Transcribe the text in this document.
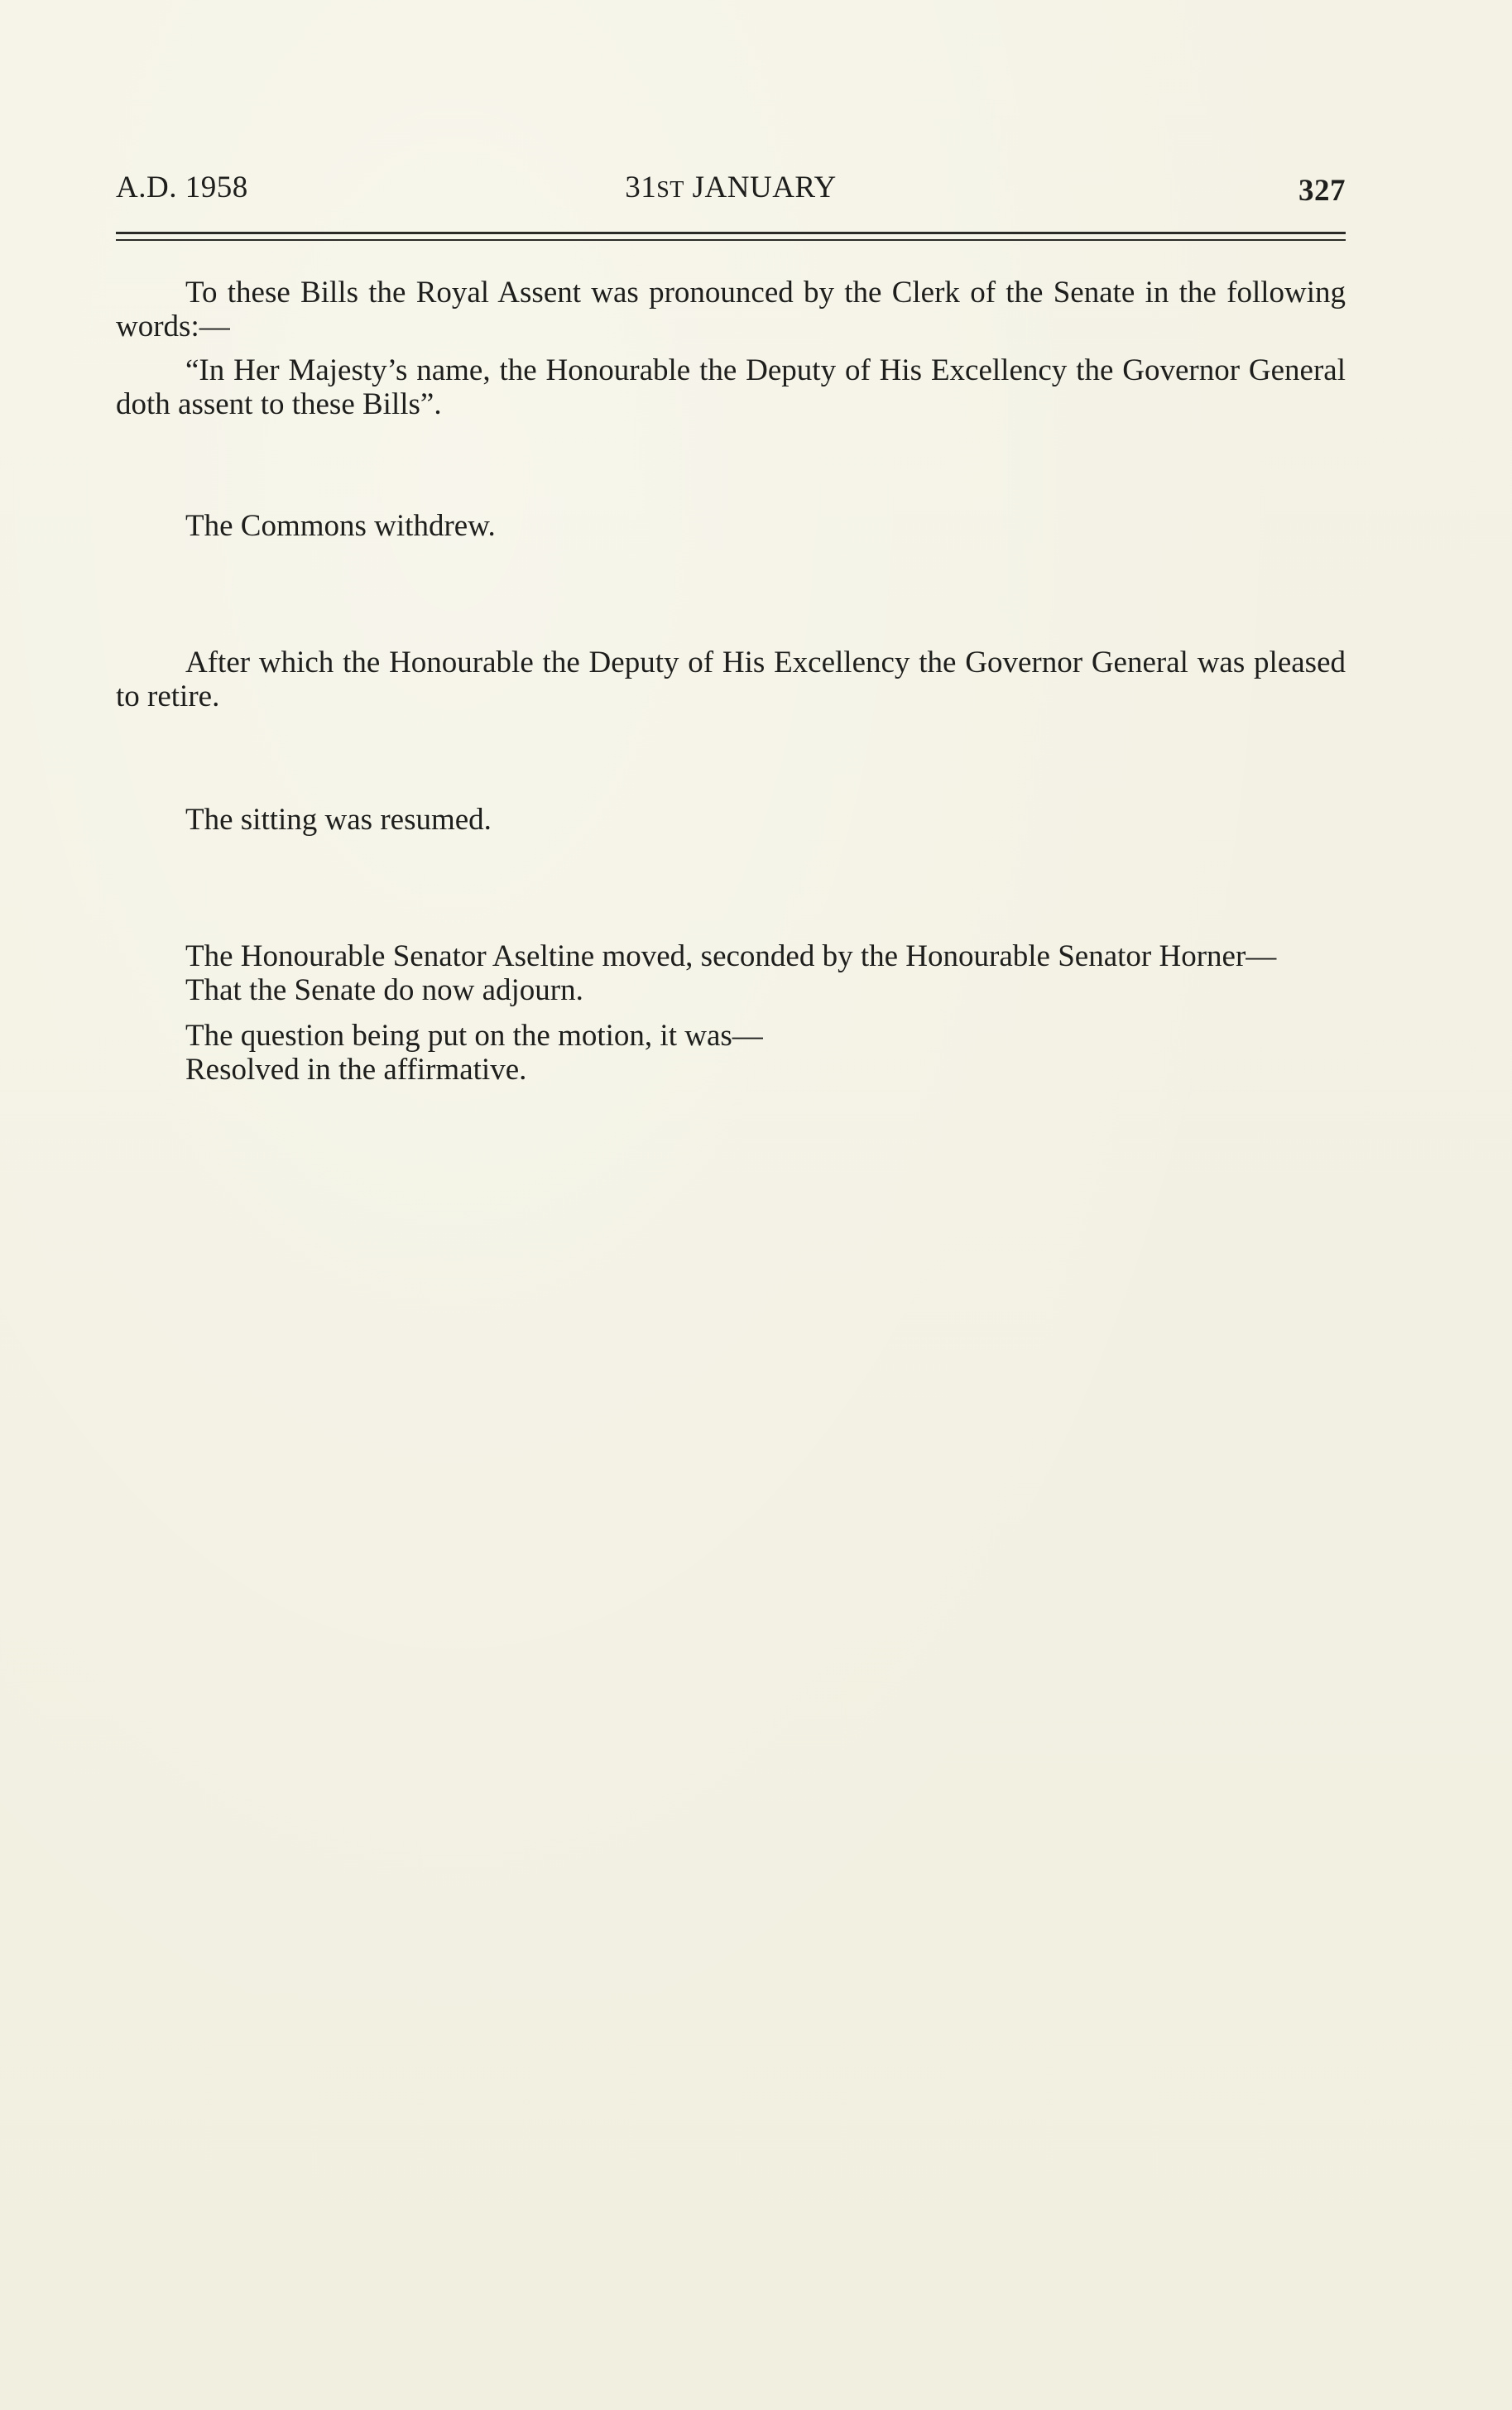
A.D. 1958	31ST JANUARY	327

To these Bills the Royal Assent was pronounced by the Clerk of the Senate in the following words:—

“In Her Majesty’s name, the Honourable the Deputy of His Excellency the Governor General doth assent to these Bills”.

The Commons withdrew.

After which the Honourable the Deputy of His Excellency the Governor General was pleased to retire.

The sitting was resumed.

The Honourable Senator Aseltine moved, seconded by the Honourable Senator Horner—

That the Senate do now adjourn.

The question being put on the motion, it was—

Resolved in the affirmative.
